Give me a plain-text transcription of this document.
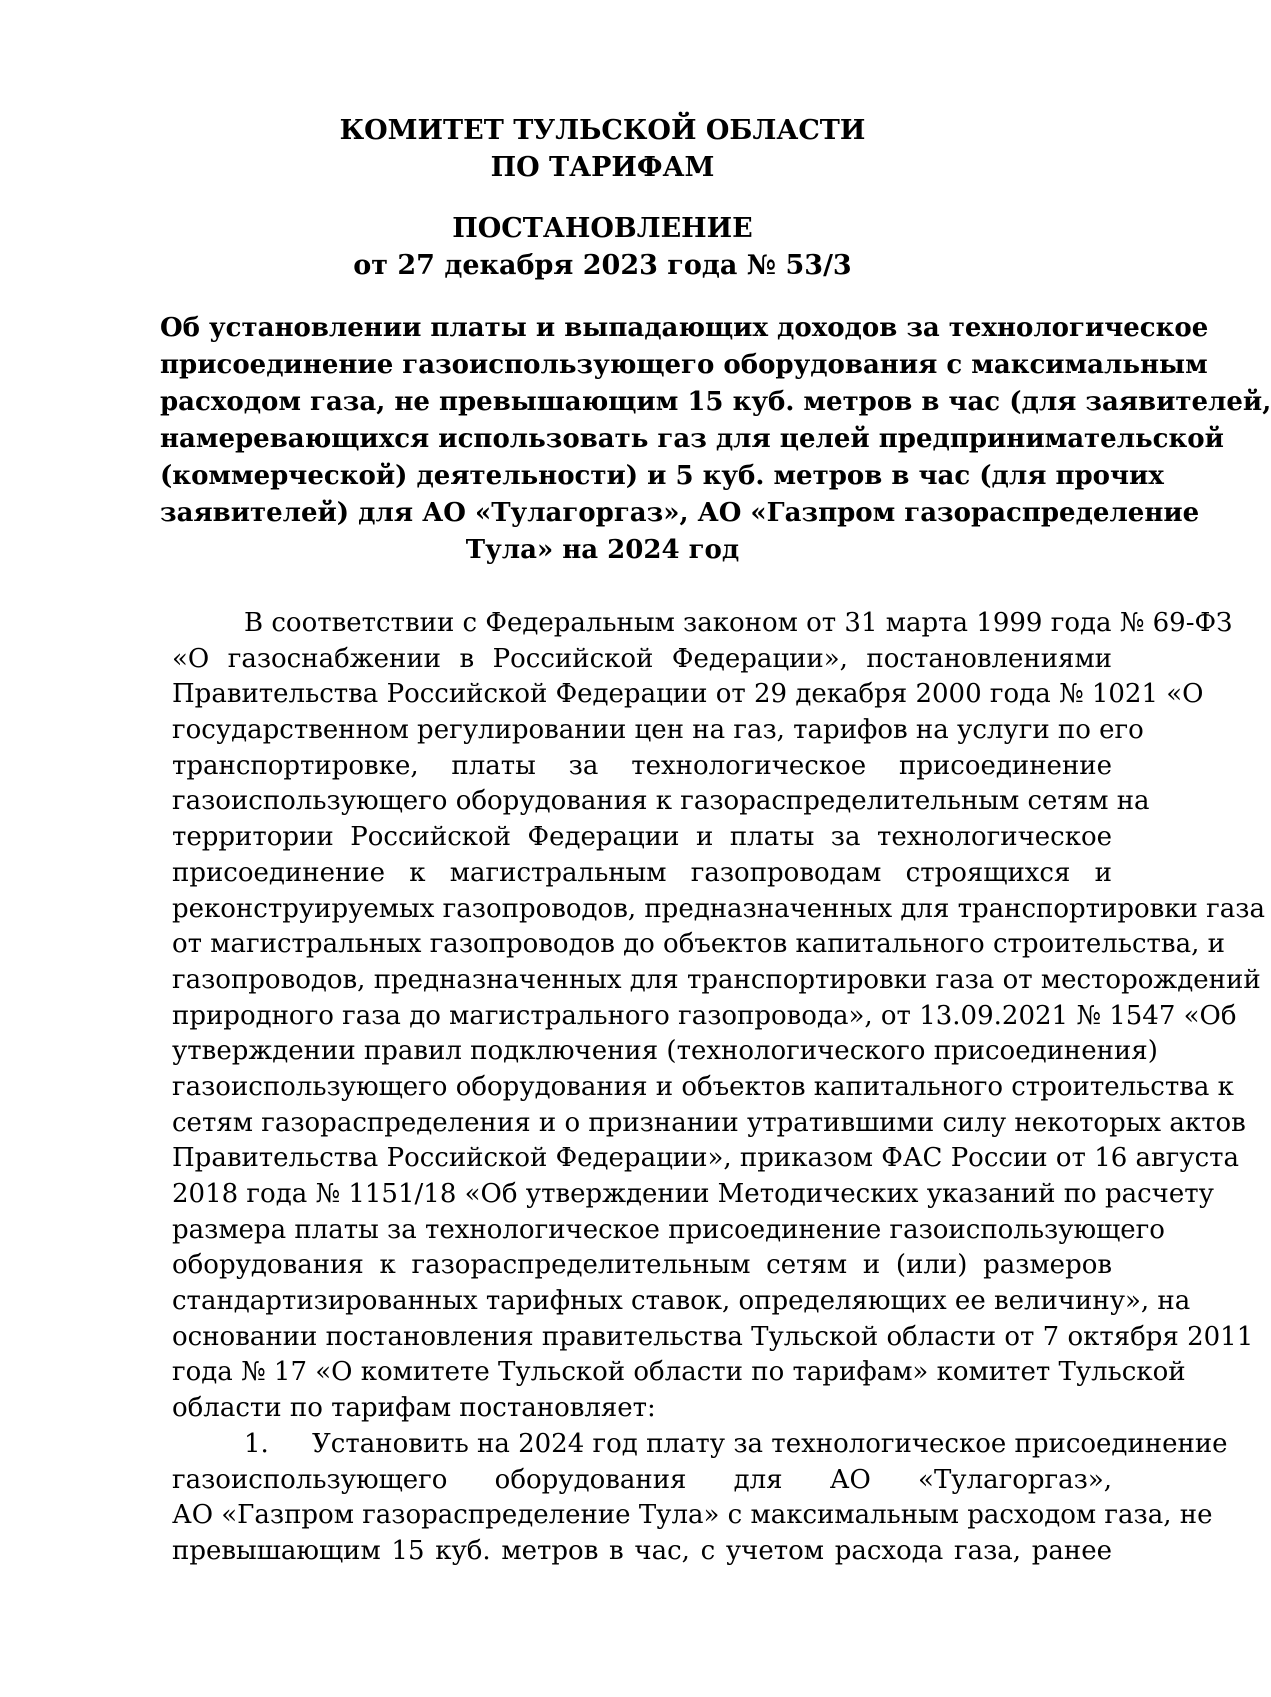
КОМИТЕТ ТУЛЬСКОЙ ОБЛАСТИ
ПО ТАРИФАМ
ПОСТАНОВЛЕНИЕ
от 27 декабря 2023 года № 53/3
Об установлении платы и выпадающих доходов за технологическое
присоединение газоиспользующего оборудования с максимальным
расходом газа, не превышающим 15 куб. метров в час (для заявителей,
намеревающихся использовать газ для целей предпринимательской
(коммерческой) деятельности) и 5 куб. метров в час (для прочих
заявителей) для АО «Тулагоргаз», АО «Газпром газораспределение
Тула» на 2024 год
В соответствии с Федеральным законом от 31 марта 1999 года № 69-ФЗ
«О газоснабжении в Российской Федерации», постановлениями
Правительства Российской Федерации от 29 декабря 2000 года № 1021 «О
государственном регулировании цен на газ, тарифов на услуги по его
транспортировке, платы за технологическое присоединение
газоиспользующего оборудования к газораспределительным сетям на
территории Российской Федерации и платы за технологическое
присоединение к магистральным газопроводам строящихся и
реконструируемых газопроводов, предназначенных для транспортировки газа
от магистральных газопроводов до объектов капитального строительства, и
газопроводов, предназначенных для транспортировки газа от месторождений
природного газа до магистрального газопровода», от 13.09.2021 № 1547 «Об
утверждении правил подключения (технологического присоединения)
газоиспользующего оборудования и объектов капитального строительства к
сетям газораспределения и о признании утратившими силу некоторых актов
Правительства Российской Федерации», приказом ФАС России от 16 августа
2018 года № 1151/18 «Об утверждении Методических указаний по расчету
размера платы за технологическое присоединение газоиспользующего
оборудования к газораспределительным сетям и (или) размеров
стандартизированных тарифных ставок, определяющих ее величину», на
основании постановления правительства Тульской области от 7 октября 2011
года № 17 «О комитете Тульской области по тарифам» комитет Тульской
области по тарифам постановляет:
1. Установить на 2024 год плату за технологическое присоединение
газоиспользующего оборудования для АО «Тулагоргаз»,
АО «Газпром газораспределение Тула» с максимальным расходом газа, не
превышающим 15 куб. метров в час, с учетом расхода газа, ранее
